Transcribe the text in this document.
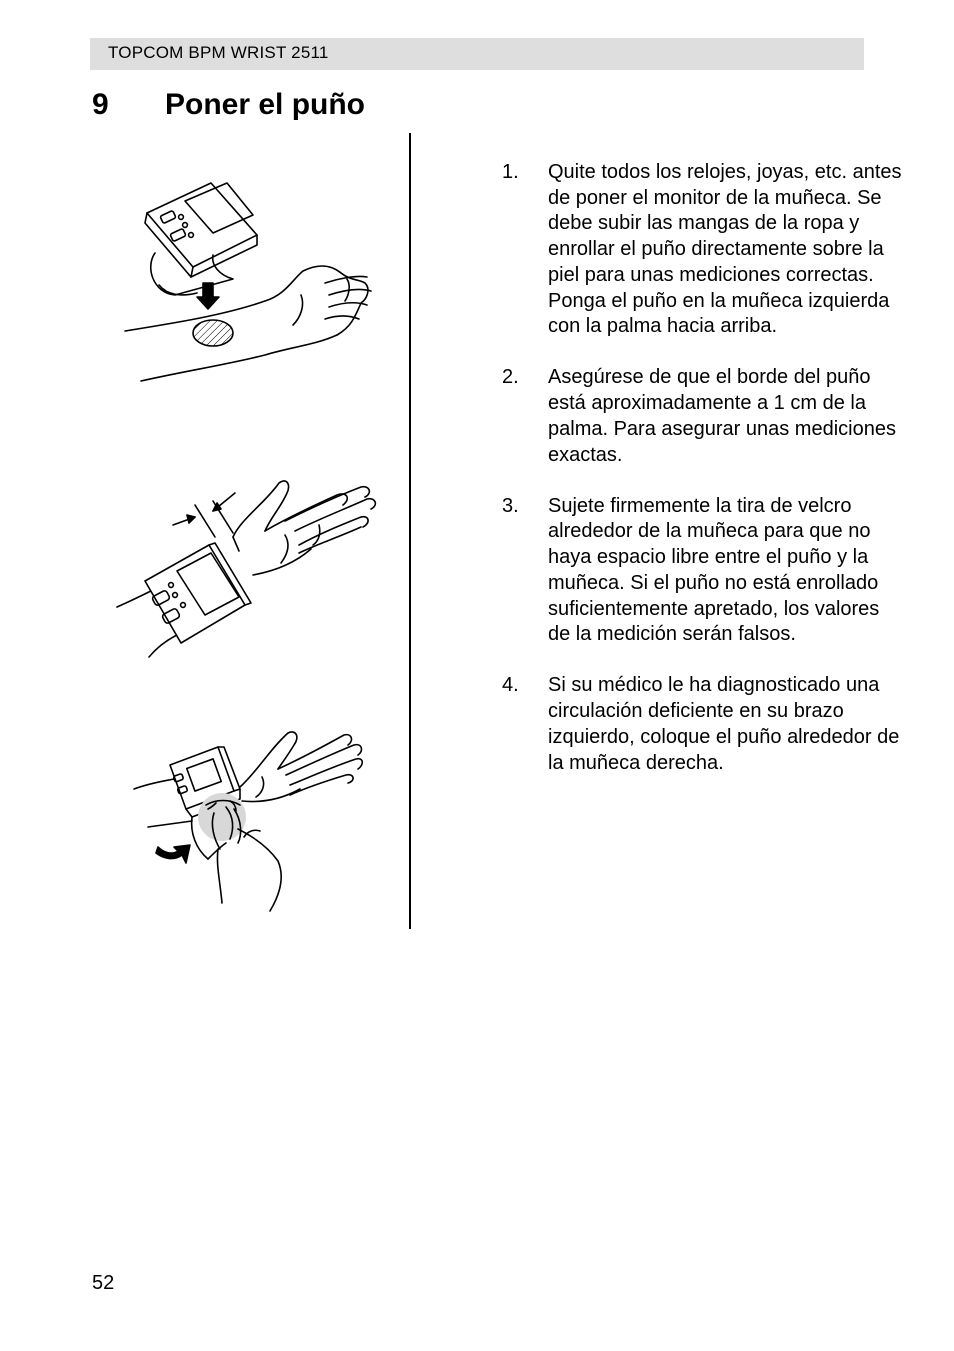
TOPCOM BPM WRIST 2511
9 Poner el puño
1. Quite todos los relojes, joyas, etc. antes de poner el monitor de la muñeca. Se debe subir las mangas de la ropa y enrollar el puño directamente sobre la piel para unas mediciones correctas. Ponga el puño en la muñeca izquierda con la palma hacia arriba.
2. Asegúrese de que el borde del puño está aproximadamente a 1 cm de la palma. Para asegurar unas mediciones exactas.
3. Sujete firmemente la tira de velcro alrededor de la muñeca para que no haya espacio libre entre el puño y la muñeca. Si el puño no está enrollado suficientemente apretado, los valores de la medición serán falsos.
4. Si su médico le ha diagnosticado una circulación deficiente en su brazo izquierdo, coloque el puño alrededor de la muñeca derecha.
52
